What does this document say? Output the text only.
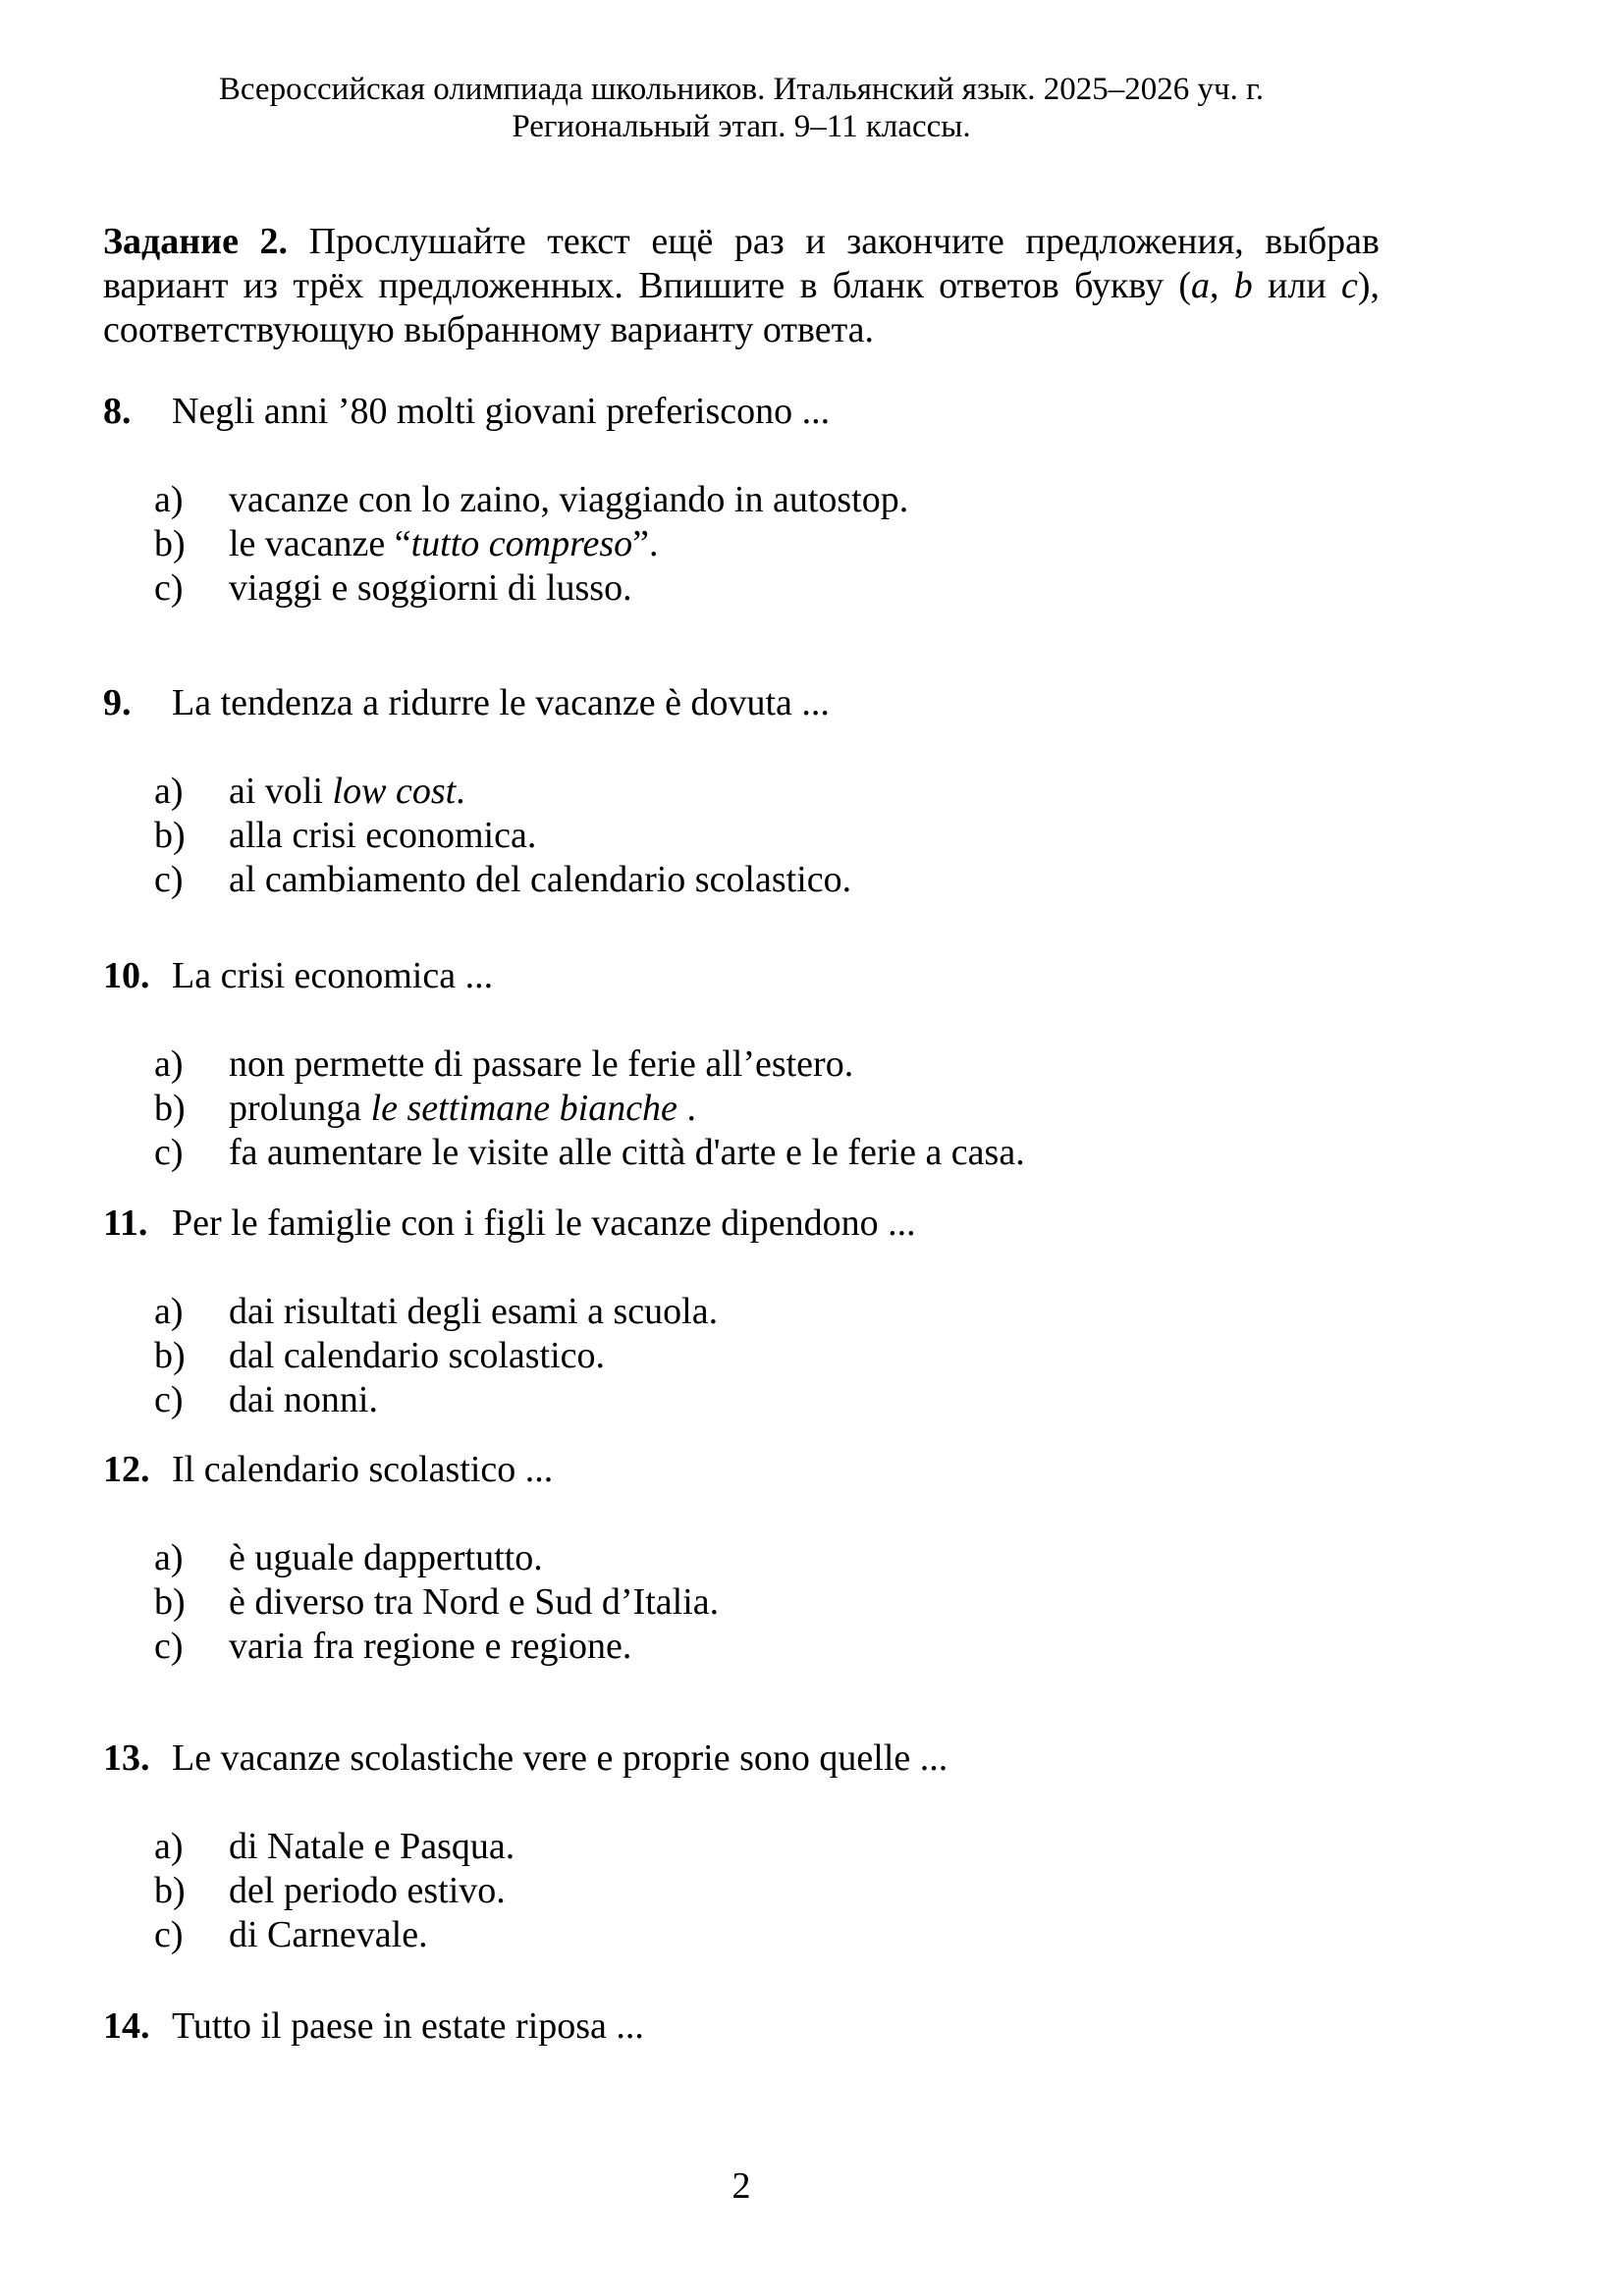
Всероссийская олимпиада школьников. Итальянский язык. 2025–2026 уч. г.
Региональный этап. 9–11 классы.

Задание 2. Прослушайте текст ещё раз и закончите предложения, выбрав вариант из трёх предложенных. Впишите в бланк ответов букву (a, b или c), соответствующую выбранному варианту ответа.

8.	Negli anni ’80 molti giovani preferiscono ...
a)	vacanze con lo zaino, viaggiando in autostop.
b)	le vacanze “tutto compreso”.
c)	viaggi e soggiorni di lusso.
9.	La tendenza a ridurre le vacanze è dovuta ...
a)	ai voli low cost.
b)	alla crisi economica.
c)	al cambiamento del calendario scolastico.
10. La crisi economica ...
a)	non permette di passare le ferie all’estero.
b)	prolunga le settimane bianche .
c)	fa aumentare le visite alle città d'arte e le ferie a casa.
11. Per le famiglie con i figli le vacanze dipendono ...
a)	dai risultati degli esami a scuola.
b)	dal calendario scolastico.
c)	dai nonni.
12. Il calendario scolastico ...
a)	è uguale dappertutto.
b)	è diverso tra Nord e Sud d’Italia.
c)	varia fra regione e regione.
13. Le vacanze scolastiche vere e proprie sono quelle ...
a)	di Natale e Pasqua.
b)	del periodo estivo.
c)	di Carnevale.
14. Tutto il paese in estate riposa ...
2
